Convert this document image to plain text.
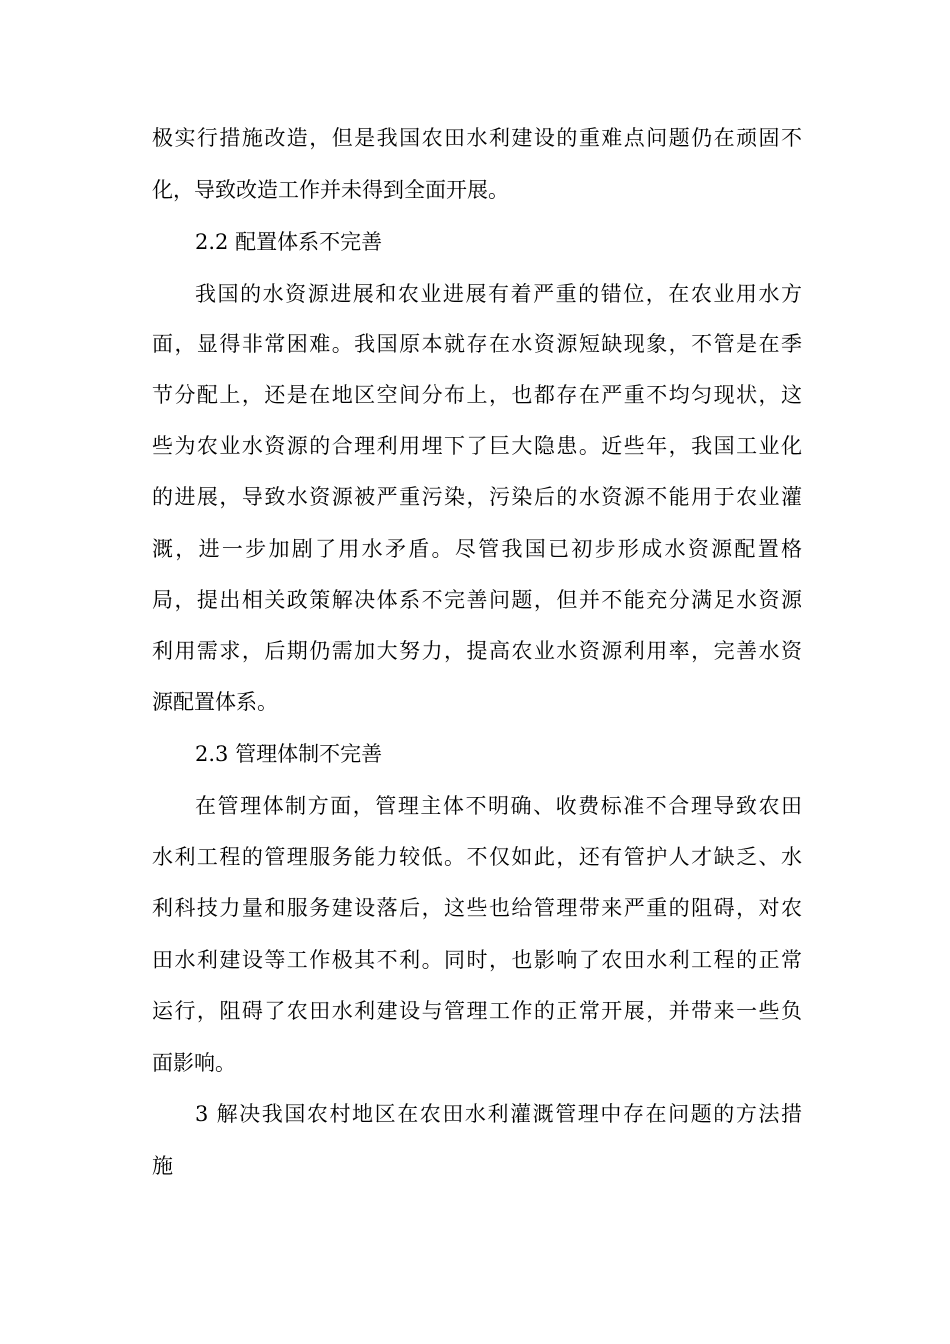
极实行措施改造，但是我国农田水利建设的重难点问题仍在顽固不
化，导致改造工作并未得到全面开展。
2.2 配置体系不完善
我国的水资源进展和农业进展有着严重的错位，在农业用水方
面，显得非常困难。我国原本就存在水资源短缺现象，不管是在季
节分配上，还是在地区空间分布上，也都存在严重不均匀现状，这
些为农业水资源的合理利用埋下了巨大隐患。近些年，我国工业化
的进展，导致水资源被严重污染，污染后的水资源不能用于农业灌
溉，进一步加剧了用水矛盾。尽管我国已初步形成水资源配置格
局，提出相关政策解决体系不完善问题，但并不能充分满足水资源
利用需求，后期仍需加大努力，提高农业水资源利用率，完善水资
源配置体系。
2.3 管理体制不完善
在管理体制方面，管理主体不明确、收费标准不合理导致农田
水利工程的管理服务能力较低。不仅如此，还有管护人才缺乏、水
利科技力量和服务建设落后，这些也给管理带来严重的阻碍，对农
田水利建设等工作极其不利。同时，也影响了农田水利工程的正常
运行，阻碍了农田水利建设与管理工作的正常开展，并带来一些负
面影响。
3 解决我国农村地区在农田水利灌溉管理中存在问题的方法措
施
